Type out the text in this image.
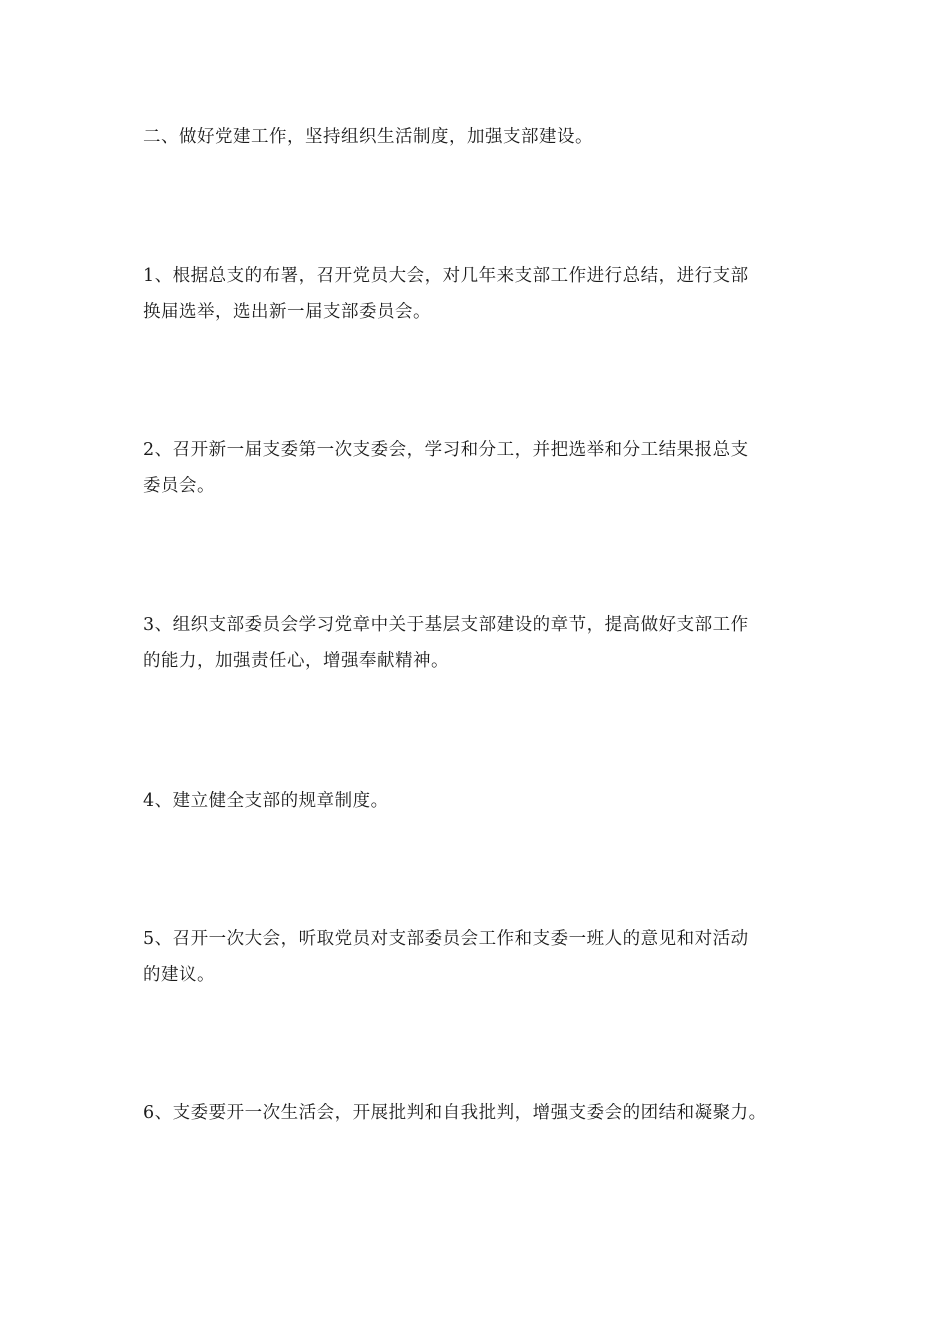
二、做好党建工作，坚持组织生活制度，加强支部建设。

1、根据总支的布署，召开党员大会，对几年来支部工作进行总结，进行支部
换届选举，选出新一届支部委员会。

2、召开新一届支委第一次支委会，学习和分工，并把选举和分工结果报总支
委员会。

3、组织支部委员会学习党章中关于基层支部建设的章节，提高做好支部工作
的能力，加强责任心，增强奉献精神。

4、建立健全支部的规章制度。

5、召开一次大会，听取党员对支部委员会工作和支委一班人的意见和对活动
的建议。

6、支委要开一次生活会，开展批判和自我批判，增强支委会的团结和凝聚力。
